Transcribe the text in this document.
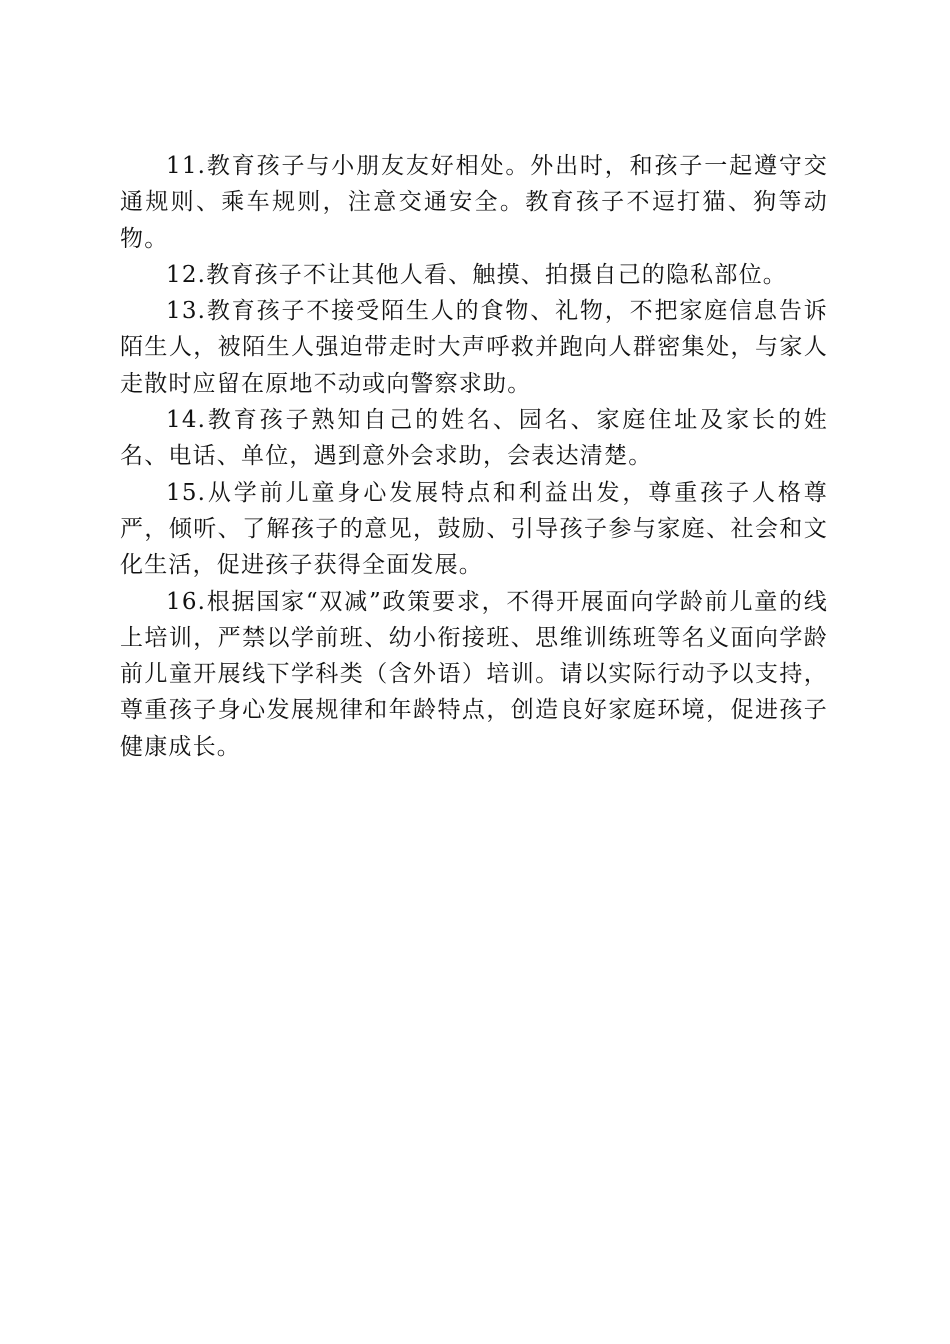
11.教育孩子与小朋友友好相处。外出时，和孩子一起遵守交通规则、乘车规则，注意交通安全。教育孩子不逗打猫、狗等动物。

12.教育孩子不让其他人看、触摸、拍摄自己的隐私部位。

13.教育孩子不接受陌生人的食物、礼物，不把家庭信息告诉陌生人，被陌生人强迫带走时大声呼救并跑向人群密集处，与家人走散时应留在原地不动或向警察求助。

14.教育孩子熟知自己的姓名、园名、家庭住址及家长的姓名、电话、单位，遇到意外会求助，会表达清楚。

15.从学前儿童身心发展特点和利益出发，尊重孩子人格尊严，倾听、了解孩子的意见，鼓励、引导孩子参与家庭、社会和文化生活，促进孩子获得全面发展。

16.根据国家“双减”政策要求，不得开展面向学龄前儿童的线上培训，严禁以学前班、幼小衔接班、思维训练班等名义面向学龄前儿童开展线下学科类（含外语）培训。请以实际行动予以支持，尊重孩子身心发展规律和年龄特点，创造良好家庭环境，促进孩子健康成长。
